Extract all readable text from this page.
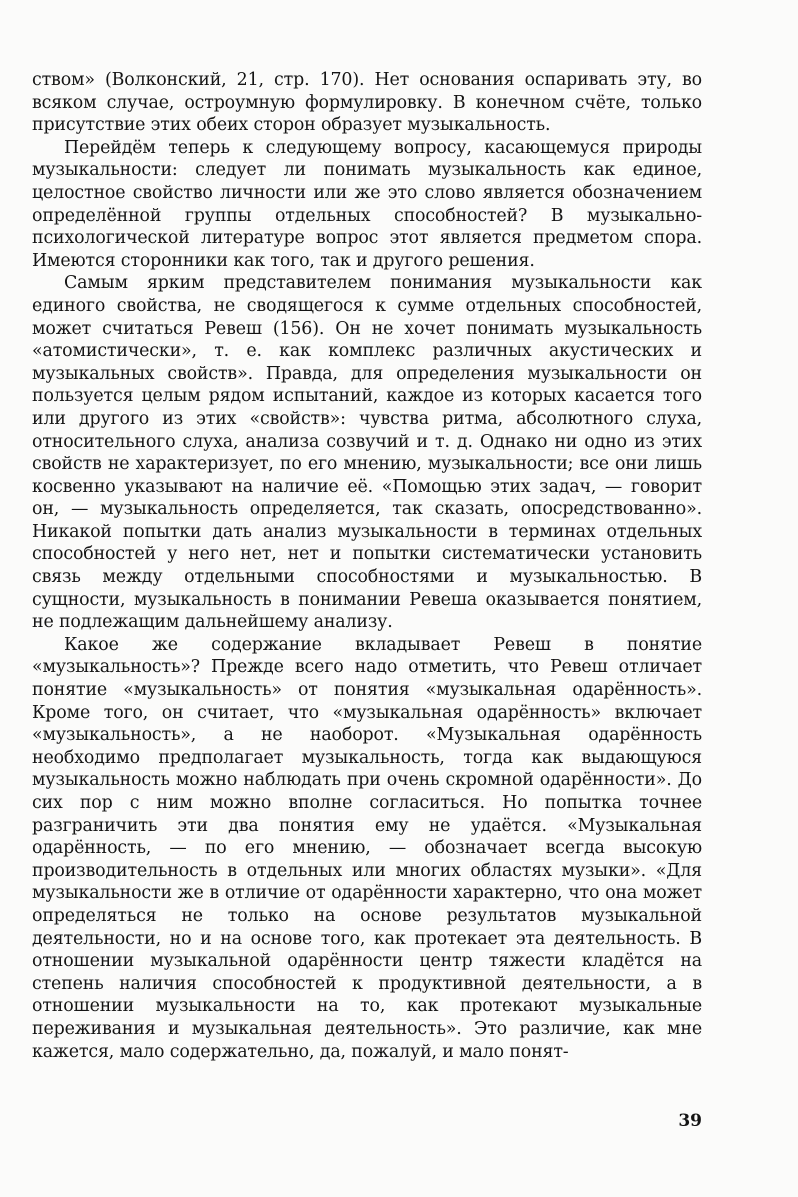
ством» (Волконский, 21, стр. 170). Нет основания оспаривать эту, во всяком случае, остроумную формулировку. В конечном счёте, только присутствие этих обеих сторон образует музыкальность.

Перейдём теперь к следующему вопросу, касающемуся природы музыкальности: следует ли понимать музыкальность как единое, целостное свойство личности или же это слово является обозначением определённой группы отдельных способностей? В музыкально-психологической литературе вопрос этот является предметом спора. Имеются сторонники как того, так и другого решения.

Самым ярким представителем понимания музыкальности как единого свойства, не сводящегося к сумме отдельных способностей, может считаться Ревеш (156). Он не хочет понимать музыкальность «атомистически», т. е. как комплекс различных акустических и музыкальных свойств». Правда, для определения музыкальности он пользуется целым рядом испытаний, каждое из которых касается того или другого из этих «свойств»: чувства ритма, абсолютного слуха, относительного слуха, анализа созвучий и т. д. Однако ни одно из этих свойств не характеризует, по его мнению, музыкальности; все они лишь косвенно указывают на наличие её. «Помощью этих задач, — говорит он, — музыкальность определяется, так сказать, опосредствованно». Никакой попытки дать анализ музыкальности в терминах отдельных способностей у него нет, нет и попытки систематически установить связь между отдельными способностями и музыкальностью. В сущности, музыкальность в понимании Ревеша оказывается понятием, не подлежащим дальнейшему анализу.

Какое же содержание вкладывает Ревеш в понятие «музыкальность»? Прежде всего надо отметить, что Ревеш отличает понятие «музыкальность» от понятия «музыкальная одарённость». Кроме того, он считает, что «музыкальная одарённость» включает «музыкальность», а не наоборот. «Музыкальная одарённость необходимо предполагает музыкальность, тогда как выдающуюся музыкальность можно наблюдать при очень скромной одарённости». До сих пор с ним можно вполне согласиться. Но попытка точнее разграничить эти два понятия ему не удаётся. «Музыкальная одарённость, — по его мнению, — обозначает всегда высокую производительность в отдельных или многих областях музыки». «Для музыкальности же в отличие от одарённости характерно, что она может определяться не только на основе результатов музыкальной деятельности, но и на основе того, как протекает эта деятельность. В отношении музыкальной одарённости центр тяжести кладётся на степень наличия способностей к продуктивной деятельности, а в отношении музыкальности на то, как протекают музыкальные переживания и музыкальная деятельность». Это различие, как мне кажется, мало содержательно, да, пожалуй, и мало понят-

39
